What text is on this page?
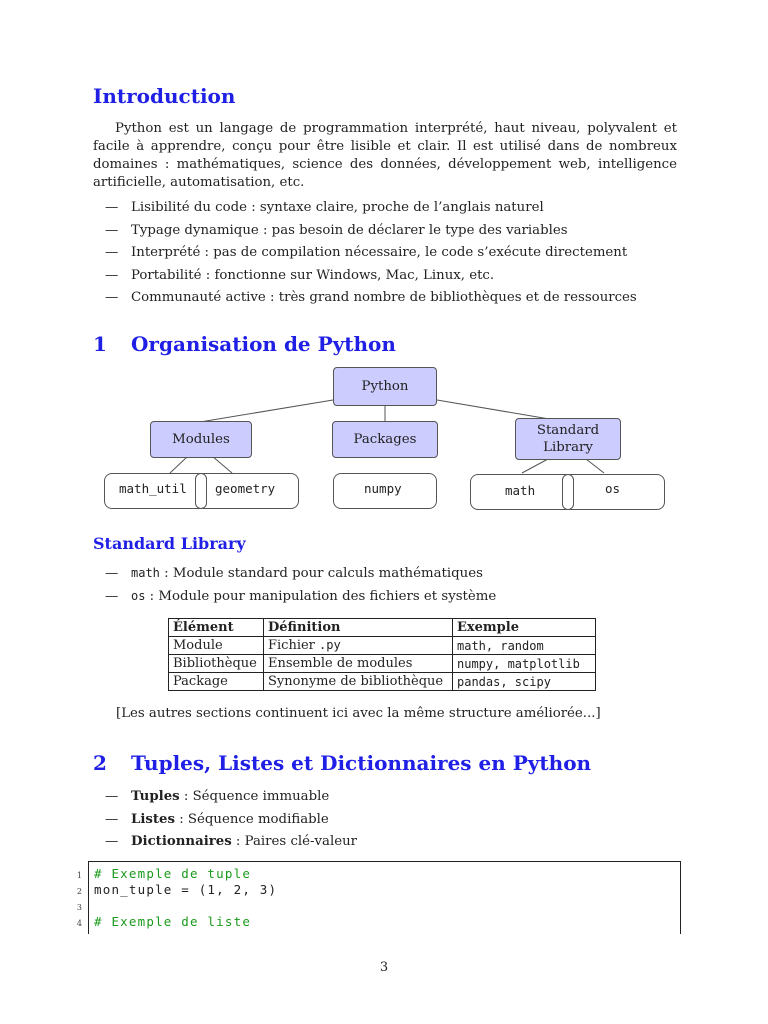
Introduction

Python est un langage de programmation interprété, haut niveau, polyvalent et facile à apprendre, conçu pour être lisible et clair. Il est utilisé dans de nombreux domaines : mathématiques, science des données, développement web, intelligence artificielle, automatisation, etc.

— Lisibilité du code : syntaxe claire, proche de l’anglais naturel
— Typage dynamique : pas besoin de déclarer le type des variables
— Interprété : pas de compilation nécessaire, le code s’exécute directement
— Portabilité : fonctionne sur Windows, Mac, Linux, etc.
— Communauté active : très grand nombre de bibliothèques et de ressources
1 Organisation de Python
Python
Modules	Packages
Standard
Library
math_util geometry	numpy	math	os
Standard Library
— math : Module standard pour calculs mathématiques
— os : Module pour manipulation des fichiers et système
Élément	Définition	Exemple
Module	Fichier .py	math, random
Bibliothèque	Ensemble de modules	numpy, matplotlib
Package	Synonyme de bibliothèque	pandas, scipy

[Les autres sections continuent ici avec la même structure améliorée...]

2 Tuples, Listes et Dictionnaires en Python
— Tuples : Séquence immuable
— Listes : Séquence modifiable
— Dictionnaires : Paires clé-valeur
1
2
3
4
# Exemple de tuple
mon_tuple = (1, 2, 3)
# Exemple de liste
3
